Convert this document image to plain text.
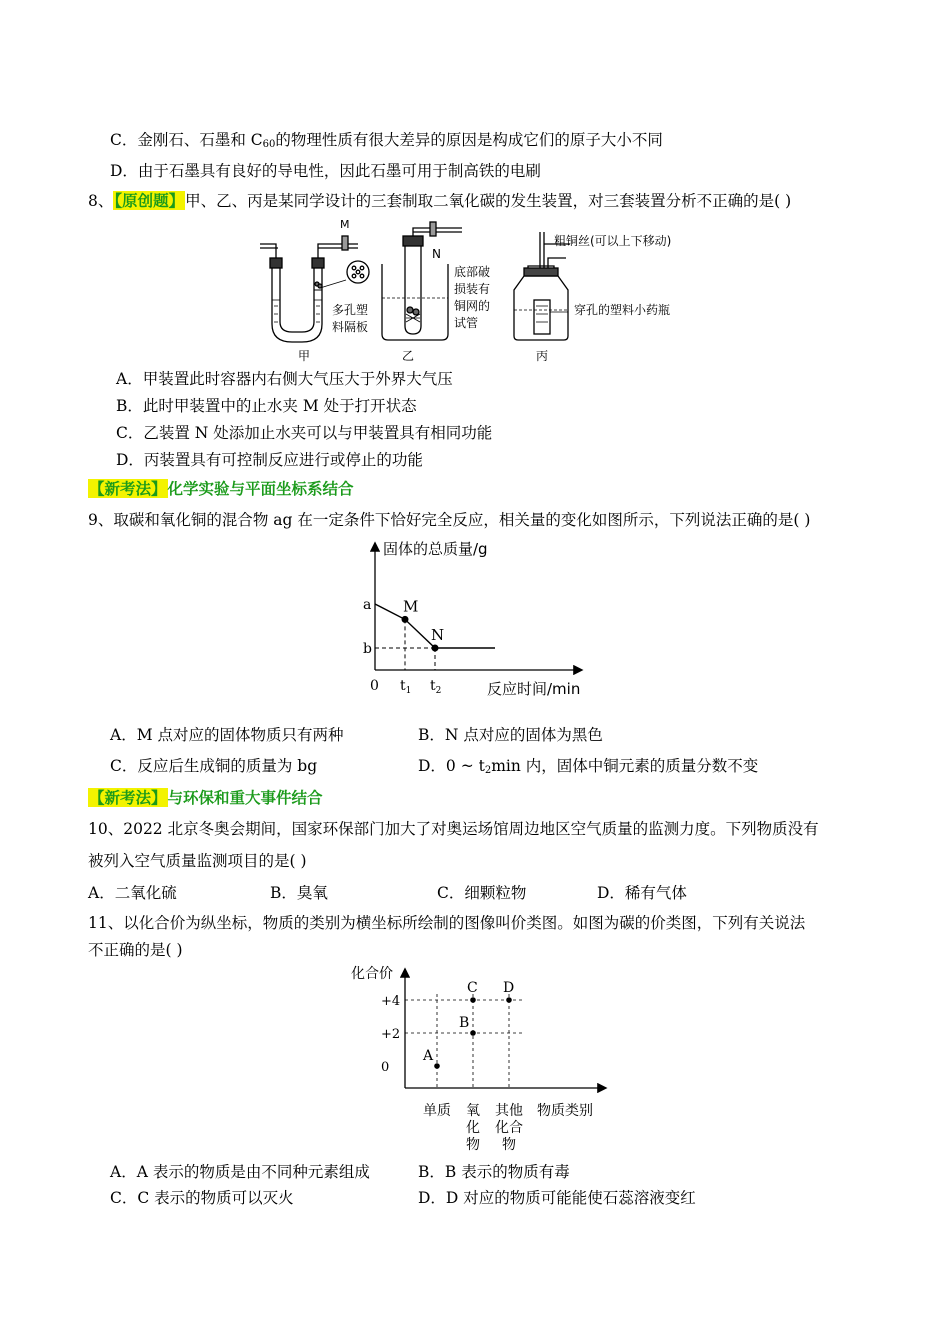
C．金刚石、石墨和 $C_{60}$的物理性质有很大差异的原因是构成它们的原子大小不同
D．由于石墨具有良好的导电性，因此石墨可用于制高铁的电刷
8、【原创题】甲、乙、丙是某同学设计的三套制取二氧化碳的发生装置，对三套装置分析不正确的是( )
M
N
多孔塑
料隔板
底部破
损装有
铜网的
试管
粗铜丝(可以上下移动)
穿孔的塑料小药瓶
甲	乙	丙
A．甲装置此时容器内右侧大气压大于外界大气压
B．此时甲装置中的止水夹 M 处于打开状态
C．乙装置 N 处添加止水夹可以与甲装置具有相同功能
D．丙装置具有可控制反应进行或停止的功能
【新考法】化学实验与平面坐标系结合
9、取碳和氧化铜的混合物 ag 在一定条件下恰好完全反应，相关量的变化如图所示，下列说法正确的是( )
固体的总质量/g
反应时间/min
0
M
N
a
b
$t_1$ $t_2$
A．M 点对应的固体物质只有两种	B．N 点对应的固体为黑色
C．反应后生成铜的质量为 bg	D．0 ~ $t_2\min$ 内，固体中铜元素的质量分数不变
【新考法】与环保和重大事件结合
10、2022 北京冬奥会期间，国家环保部门加大了对奥运场馆周边地区空气质量的监测力度。下列物质没有
被列入空气质量监测项目的是( )
A．二氧化硫	B．臭氧	C．细颗粒物	D．稀有气体
11、以化合价为纵坐标，物质的类别为横坐标所绘制的图像叫价类图。如图为碳的价类图，下列有关说法
不正确的是( )
化合价
物质类别
+4
+2
0
单质 氧
化
物
其他
化合
物
A
B
C D
A．A 表示的物质是由不同种元素组成	B．B 表示的物质有毒
C．C 表示的物质可以灭火	D．D 对应的物质可能能使石蕊溶液变红
